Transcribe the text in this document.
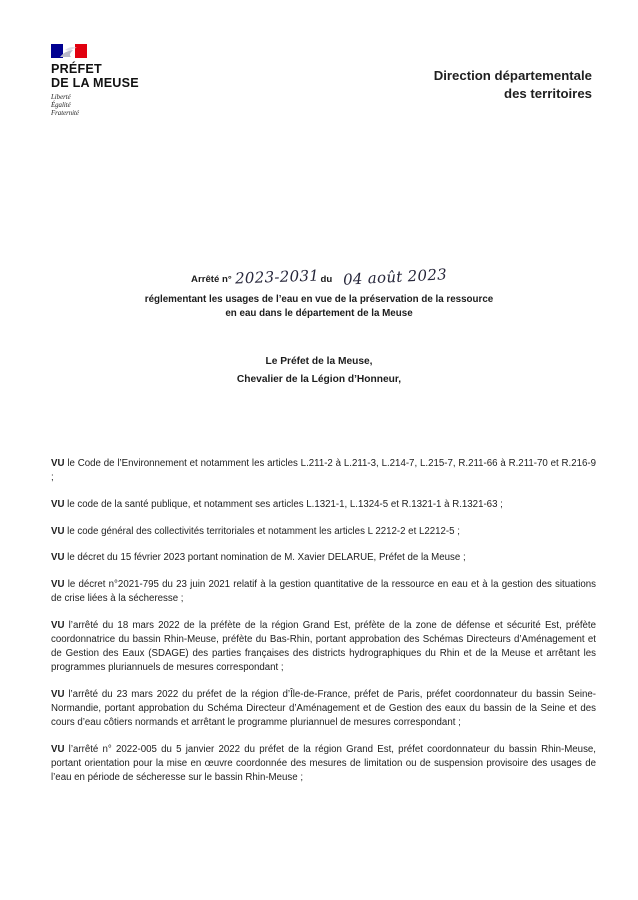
PRÉFET
DE LA MEUSE
Liberté
Égalité
Fraternité
Direction départementale
des territoires
Arrêté n° 2023-2031du 04 août 2023
réglementant les usages de l’eau en vue de la préservation de la ressource
en eau dans le département de la Meuse
Le Préfet de la Meuse,
Chevalier de la Légion d’Honneur,

VU le Code de l’Environnement et notamment les articles L.211-2 à L.211-3, L.214-7, L.215-7, R.211-66 à R.211-70 et R.216-9 ;

VU le code de la santé publique, et notamment ses articles L.1321-1, L.1324-5 et R.1321-1 à R.1321-63 ;

VU le code général des collectivités territoriales et notamment les articles L 2212-2 et L2212-5 ;

VU le décret du 15 février 2023 portant nomination de M. Xavier DELARUE, Préfet de la Meuse ;

VU le décret n°2021-795 du 23 juin 2021 relatif à la gestion quantitative de la ressource en eau et à la gestion des situations de crise liées à la sécheresse ;

VU l’arrêté du 18 mars 2022 de la préfète de la région Grand Est, préfète de la zone de défense et sécurité Est, préfète coordonnatrice du bassin Rhin-Meuse, préfète du Bas-Rhin, portant approbation des Schémas Directeurs d’Aménagement et de Gestion des Eaux (SDAGE) des parties françaises des districts hydrographiques du Rhin et de la Meuse et arrêtant les programmes pluriannuels de mesures correspondant ;

VU l’arrêté du 23 mars 2022 du préfet de la région d’Île-de-France, préfet de Paris, préfet coordonnateur du bassin Seine-Normandie, portant approbation du Schéma Directeur d’Aménagement et de Gestion des eaux du bassin de la Seine et des cours d’eau côtiers normands et arrêtant le programme pluriannuel de mesures correspondant ;

VU l’arrêté n° 2022-005 du 5 janvier 2022 du préfet de la région Grand Est, préfet coordonnateur du bassin Rhin-Meuse, portant orientation pour la mise en œuvre coordonnée des mesures de limitation ou de suspension provisoire des usages de l’eau en période de sécheresse sur le bassin Rhin-Meuse ;
